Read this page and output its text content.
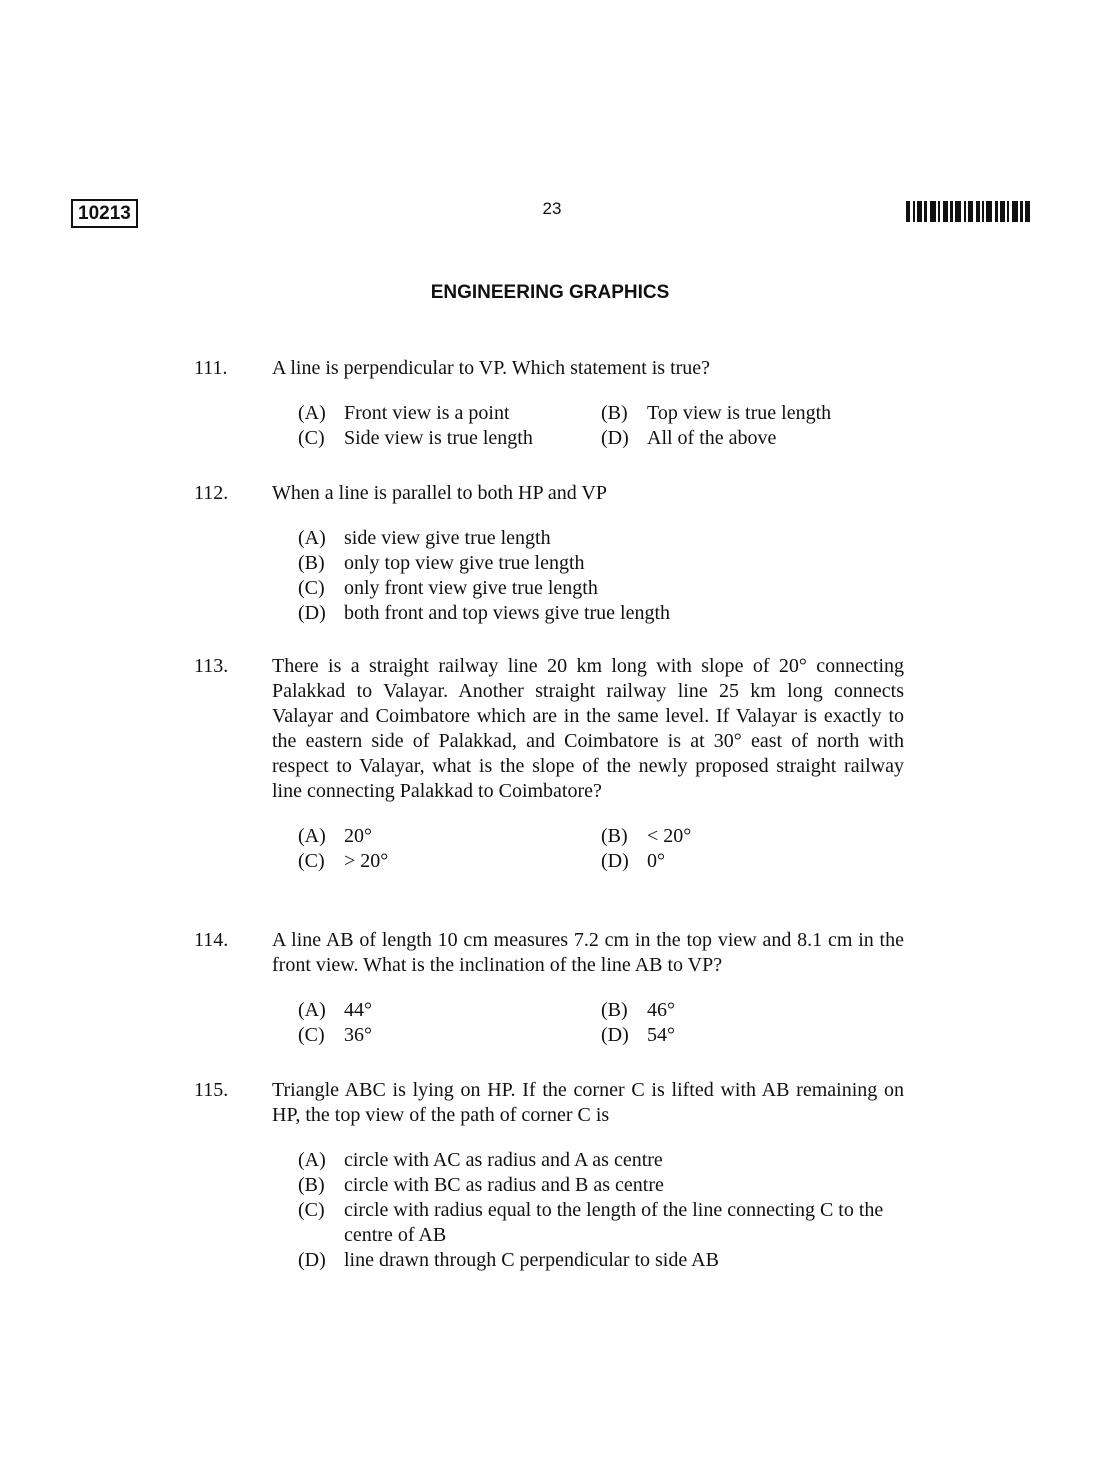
10213	23
ENGINEERING GRAPHICS
111. A line is perpendicular to VP. Which statement is true?
(A) Front view is a point	(B) Top view is true length
(C) Side view is true length	(D) All of the above
112. When a line is parallel to both HP and VP
(A) side view give true length
(B) only top view give true length
(C) only front view give true length
(D) both front and top views give true length
113. There is a straight railway line 20 km long with slope of 20° connecting Palakkad to Valayar. Another straight railway line 25 km long connects Valayar and Coimbatore which are in the same level. If Valayar is exactly to the eastern side of Palakkad, and Coimbatore is at 30° east of north with respect to Valayar, what is the slope of the newly proposed straight railway line connecting Palakkad to Coimbatore?
(A) 20°	(B) < 20°
(C) > 20°	(D) 0°
114. A line AB of length 10 cm measures 7.2 cm in the top view and 8.1 cm in the front view. What is the inclination of the line AB to VP?
(A) 44°	(B) 46°
(C) 36°	(D) 54°
115. Triangle ABC is lying on HP. If the corner C is lifted with AB remaining on HP, the top view of the path of corner C is
(A) circle with AC as radius and A as centre
(B) circle with BC as radius and B as centre
(C) circle with radius equal to the length of the line connecting C to the centre of AB
(D) line drawn through C perpendicular to side AB
